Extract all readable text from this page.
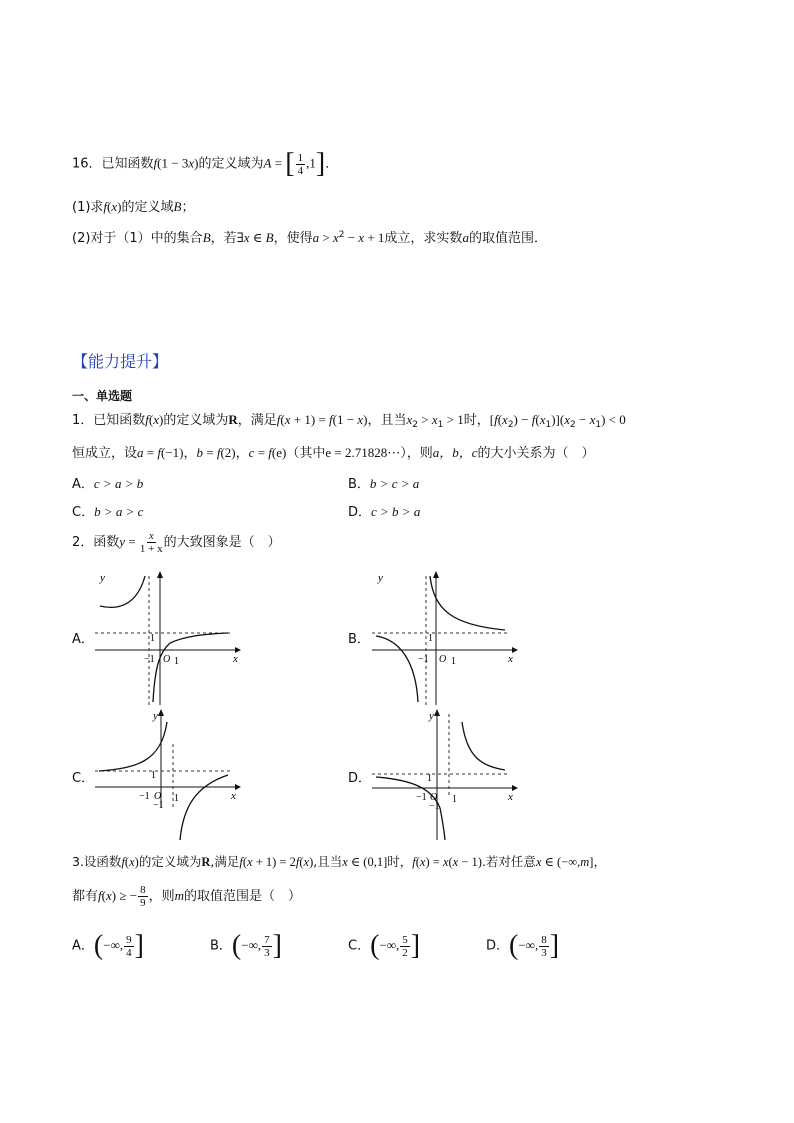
16．已知函数f(1 − 3x)的定义域为A = [ $\frac{1}{4} ,1$]．
(1)求f(x)的定义域B；
(2)对于（1）中的集合B，若∃x ∈ B，使得$a > x^2 - x + 1$成立，求实数a的取值范围．
【能力提升】
一、单选题
1．已知函数f(x)的定义域为R，满足f(x + 1) = f(1 − x)，且当$x_2 > x_1 > 1$时，$[f(x_2) - f(x_1)](x_2 - x_1) < 0$
恒成立，设a = f(−1)，b = f(2)，c = f(e)（其中e = 2.71828⋯），则a，b，c的大小关系为（　）
A．c > a > b	B．b > c > a
C．b > a > c	D．c > b > a
2．函数$y = \frac{x}{1 + x}$ 的大致图象是（　）
A．	B．
C．	D．
y
x
1
−1 O 1
y
x
1
−1 O 1
y
x
1
−1 O 1
−1
y
x
1
−1 O 1
−1
3.设函数f(x)的定义域为R,满足f(x + 1) = 2f(x),且当x ∈ (0,1]时，f(x) = x(x − 1).若对任意x ∈ (−∞,m]，
都有f(x) ≥ − $\frac{8}{9}$ ，则m的取值范围是（　）
A．(−∞, $\frac{9}{4}$ ]	B．(−∞, $\frac{7}{3}$ ]	C．(−∞, $\frac{5}{2}$ ]	D．(−∞, $\frac{8}{3}$ ]
